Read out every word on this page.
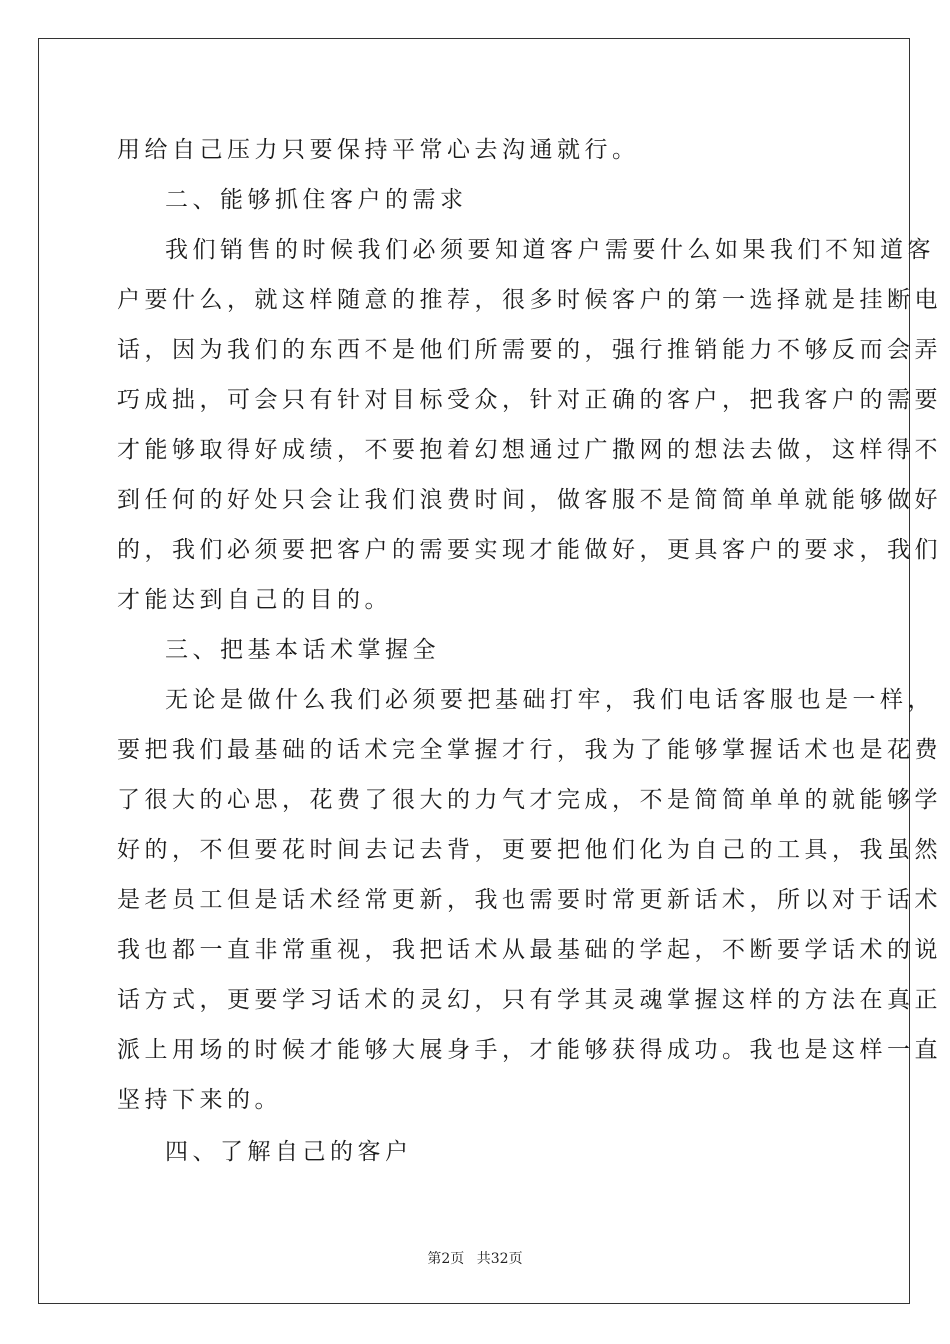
用给自己压力只要保持平常心去沟通就行。

二、能够抓住客户的需求

我们销售的时候我们必须要知道客户需要什么如果我们不知道客
户要什么，就这样随意的推荐，很多时候客户的第一选择就是挂断电
话，因为我们的东西不是他们所需要的，强行推销能力不够反而会弄
巧成拙，可会只有针对目标受众，针对正确的客户，把我客户的需要
才能够取得好成绩，不要抱着幻想通过广撒网的想法去做，这样得不
到任何的好处只会让我们浪费时间，做客服不是简简单单就能够做好
的，我们必须要把客户的需要实现才能做好，更具客户的要求，我们
才能达到自己的目的。

三、把基本话术掌握全

无论是做什么我们必须要把基础打牢，我们电话客服也是一样，
要把我们最基础的话术完全掌握才行，我为了能够掌握话术也是花费
了很大的心思，花费了很大的力气才完成，不是简简单单的就能够学
好的，不但要花时间去记去背，更要把他们化为自己的工具，我虽然
是老员工但是话术经常更新，我也需要时常更新话术，所以对于话术
我也都一直非常重视，我把话术从最基础的学起，不断要学话术的说
话方式，更要学习话术的灵幻，只有学其灵魂掌握这样的方法在真正
派上用场的时候才能够大展身手，才能够获得成功。我也是这样一直
坚持下来的。

四、了解自己的客户

第2页 共32页
